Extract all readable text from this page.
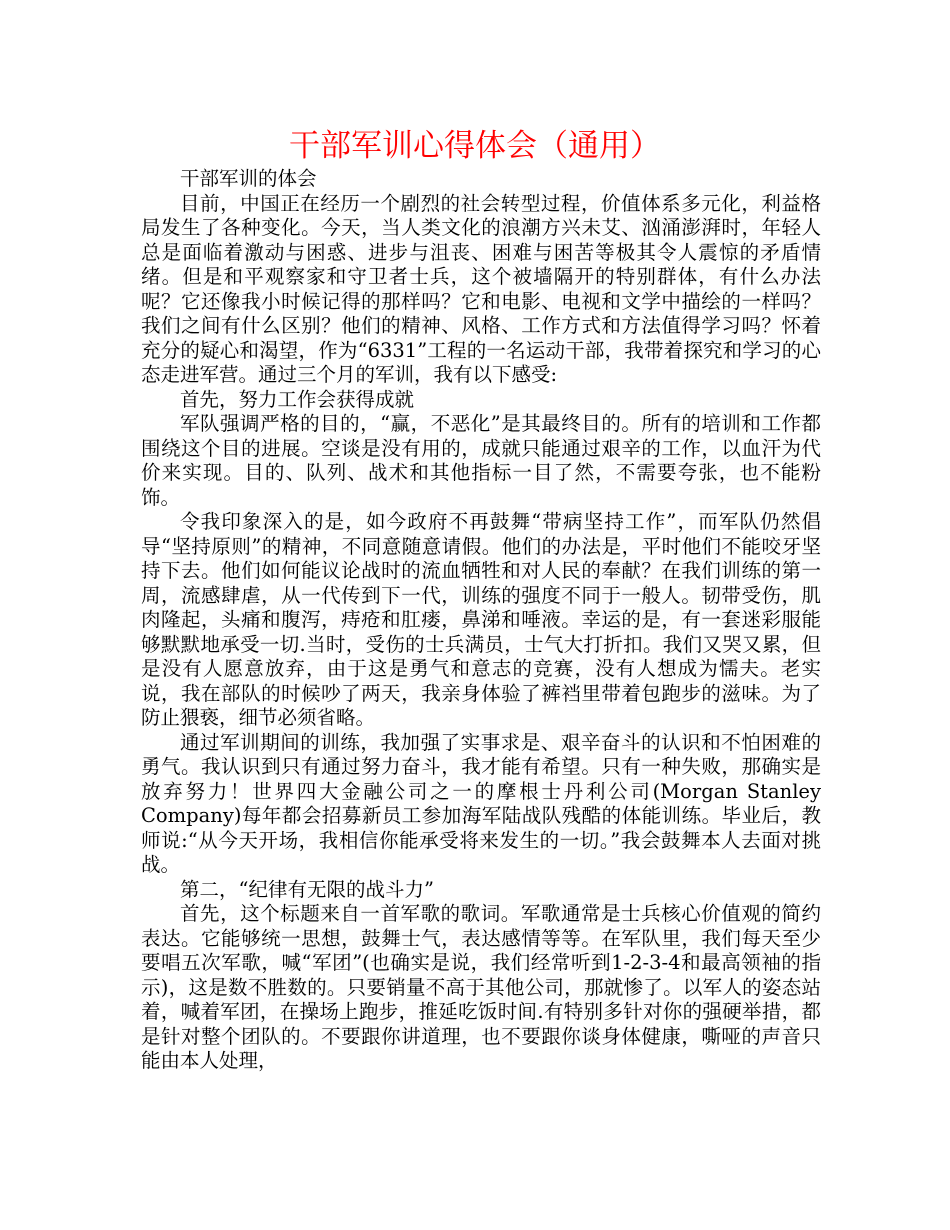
干部军训心得体会（通用）

干部军训的体会

目前，中国正在经历一个剧烈的社会转型过程，价值体系多元化，利益格局发生了各种变化。今天，当人类文化的浪潮方兴未艾、汹涌澎湃时，年轻人总是面临着激动与困惑、进步与沮丧、困难与困苦等极其令人震惊的矛盾情绪。但是和平观察家和守卫者士兵，这个被墙隔开的特别群体，有什么办法呢？它还像我小时候记得的那样吗？它和电影、电视和文学中描绘的一样吗？我们之间有什么区别？他们的精神、风格、工作方式和方法值得学习吗？怀着充分的疑心和渴望，作为“6331”工程的一名运动干部，我带着探究和学习的心态走进军营。通过三个月的军训，我有以下感受:

首先，努力工作会获得成就

军队强调严格的目的，“赢，不恶化”是其最终目的。所有的培训和工作都围绕这个目的进展。空谈是没有用的，成就只能通过艰辛的工作，以血汗为代价来实现。目的、队列、战术和其他指标一目了然，不需要夸张，也不能粉饰。

令我印象深入的是，如今政府不再鼓舞“带病坚持工作”，而军队仍然倡导“坚持原则”的精神，不同意随意请假。他们的办法是，平时他们不能咬牙坚持下去。他们如何能议论战时的流血牺牲和对人民的奉献？在我们训练的第一周，流感肆虐，从一代传到下一代，训练的强度不同于一般人。韧带受伤，肌肉隆起，头痛和腹泻，痔疮和肛瘘，鼻涕和唾液。幸运的是，有一套迷彩服能够默默地承受一切.当时，受伤的士兵满员，士气大打折扣。我们又哭又累，但是没有人愿意放弃，由于这是勇气和意志的竞赛，没有人想成为懦夫。老实说，我在部队的时候吵了两天，我亲身体验了裤裆里带着包跑步的滋味。为了防止猥亵，细节必须省略。

通过军训期间的训练，我加强了实事求是、艰辛奋斗的认识和不怕困难的勇气。我认识到只有通过努力奋斗，我才能有希望。只有一种失败，那确实是放弃努力！世界四大金融公司之一的摩根士丹利公司(Morgan Stanley Company)每年都会招募新员工参加海军陆战队残酷的体能训练。毕业后，教师说:“从今天开场，我相信你能承受将来发生的一切。”我会鼓舞本人去面对挑战。

第二，“纪律有无限的战斗力”

首先，这个标题来自一首军歌的歌词。军歌通常是士兵核心价值观的简约表达。它能够统一思想，鼓舞士气，表达感情等等。在军队里，我们每天至少要唱五次军歌，喊“军团”(也确实是说，我们经常听到1-2-3-4和最高领袖的指示)，这是数不胜数的。只要销量不高于其他公司，那就惨了。以军人的姿态站着，喊着军团，在操场上跑步，推延吃饭时间.有特别多针对你的强硬举措，都是针对整个团队的。不要跟你讲道理，也不要跟你谈身体健康，嘶哑的声音只能由本人处理，
